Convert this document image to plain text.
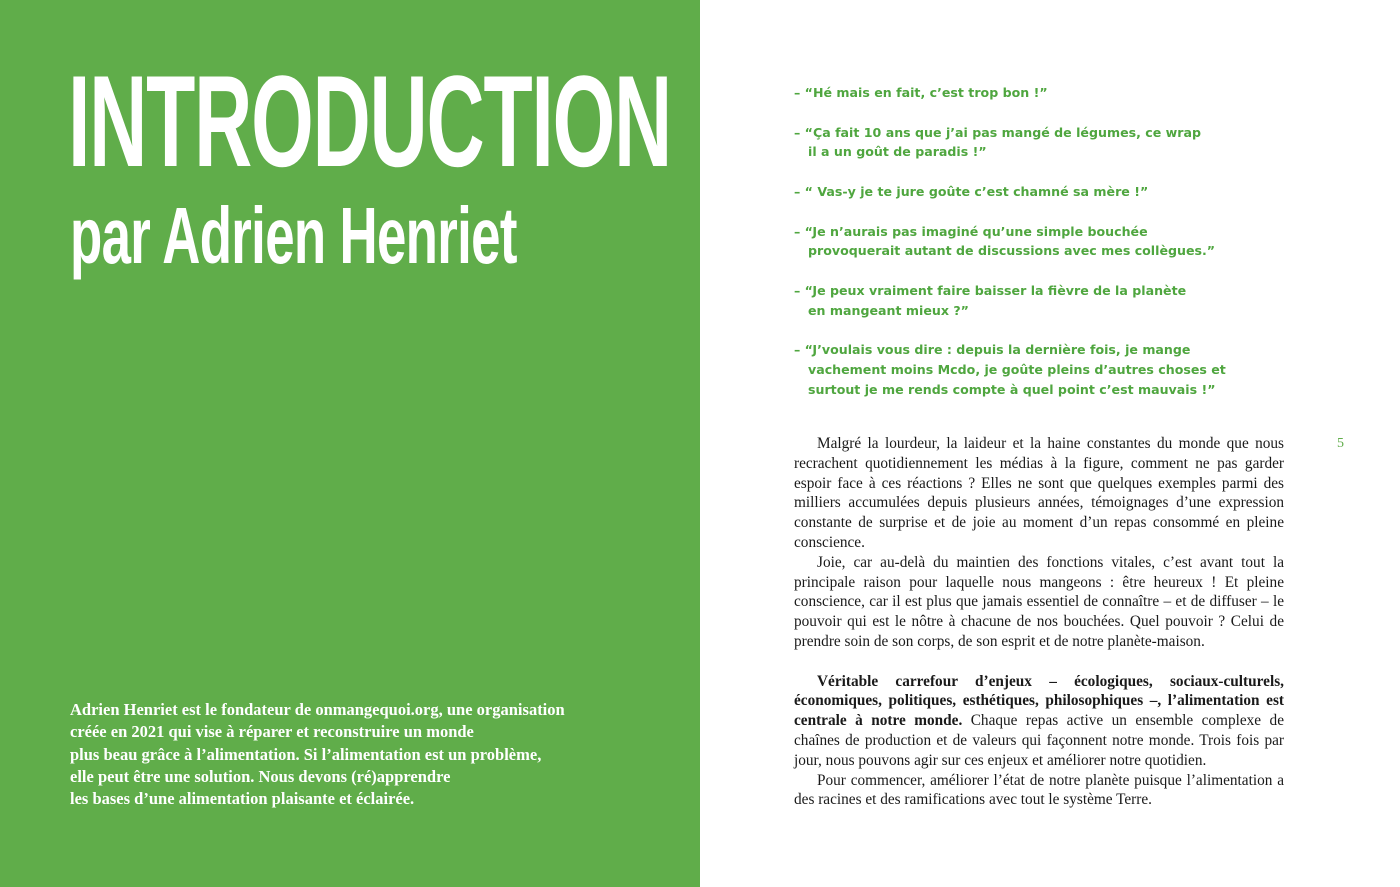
INTRODUCTION
par Adrien Henriet
Adrien Henriet est le fondateur de onmangequoi.org, une organisation
créée en 2021 qui vise à réparer et reconstruire un monde
plus beau grâce à l’alimentation. Si l’alimentation est un problème,
elle peut être une solution. Nous devons (ré)apprendre
les bases d’une alimentation plaisante et éclairée.
– “Hé mais en fait, c’est trop bon !”
– “Ça fait 10 ans que j’ai pas mangé de légumes, ce wrap
il a un goût de paradis !”
– “ Vas-y je te jure goûte c’est chamné sa mère !”
– “Je n’aurais pas imaginé qu’une simple bouchée
provoquerait autant de discussions avec mes collègues.”
– “Je peux vraiment faire baisser la fièvre de la planète
en mangeant mieux ?”
– “J’voulais vous dire : depuis la dernière fois, je mange
vachement moins Mcdo, je goûte pleins d’autres choses et
surtout je me rends compte à quel point c’est mauvais !”
5

Malgré la lourdeur, la laideur et la haine constantes du monde que nous recrachent quotidiennement les médias à la figure, comment ne pas garder espoir face à ces réactions ? Elles ne sont que quelques exemples parmi des milliers accumulées depuis plusieurs années, témoignages d’une expression constante de surprise et de joie au moment d’un repas consommé en pleine conscience.

Joie, car au-delà du maintien des fonctions vitales, c’est avant tout la principale raison pour laquelle nous mangeons : être heureux ! Et pleine conscience, car il est plus que jamais essentiel de connaître – et de diffuser – le pouvoir qui est le nôtre à chacune de nos bouchées. Quel pouvoir ? Celui de prendre soin de son corps, de son esprit et de notre planète-maison.

Véritable carrefour d’enjeux – écologiques, sociaux-culturels, économiques, politiques, esthétiques, philosophiques –, l’alimentation est centrale à notre monde. Chaque repas active un ensemble complexe de chaînes de production et de valeurs qui façonnent notre monde. Trois fois par jour, nous pouvons agir sur ces enjeux et améliorer notre quotidien.

Pour commencer, améliorer l’état de notre planète puisque l’alimentation a des racines et des ramifications avec tout le système Terre.
